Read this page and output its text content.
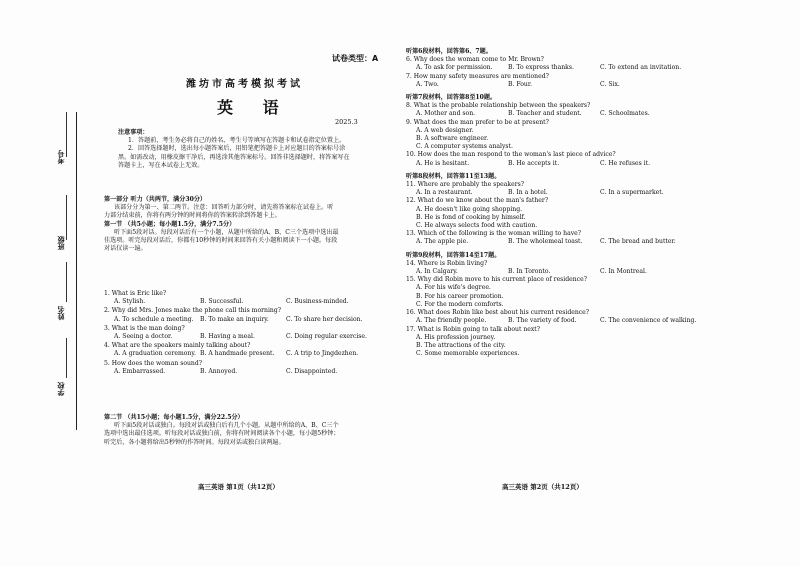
考号
班级
姓名
学校
试卷类型：A
潍坊市高考模拟考试
英 语
2025.3
注意事项：
1．答题前，考生务必将自己的姓名、考生号等填写在答题卡和试卷指定位置上。
2．回答选择题时，选出每小题答案后，用铅笔把答题卡上对应题目的答案标号涂
黑。如需改动，用橡皮擦干净后，再选涂其他答案标号。回答非选择题时，将答案写在
答题卡上，写在本试卷上无效。
第一部分 听力（共两节，满分30分）
该部分分为第一、第二两节。注意：回答听力部分时，请先将答案标在试卷上。听
力部分结束前，你将有两分钟的时间将你的答案转涂到答题卡上。
第一节 （共5小题；每小题1.5分，满分7.5分）
听下面5段对话。每段对话后有一个小题，从题中所给的A、B、C三个选项中选出最
佳选项。听完每段对话后，你都有10秒钟的时间来回答有关小题和阅读下一小题。每段
对话仅读一遍。
1. What is Eric like?
A. Stylish.	B. Successful.	C. Business-minded.
2. Why did Mrs. Jones make the phone call this morning?
A. To schedule a meeting.	B. To make an inquiry.	C. To share her decision.
3. What is the man doing?
A. Seeing a doctor.	B. Having a meal.	C. Doing regular exercise.
4. What are the speakers mainly talking about?
A. A graduation ceremony. B. A handmade present.	C. A trip to Jingdezhen.
5. How does the woman sound?
A. Embarrassed.	B. Annoyed.	C. Disappointed.
第二节 （共15小题；每小题1.5分，满分22.5分）
听下面5段对话或独白。每段对话或独白后有几个小题，从题中所给的A、B、C三个
选项中选出最佳选项。听每段对话或独白前，你将有时间阅读各个小题，每小题5秒钟；
听完后，各小题将给出5秒钟的作答时间。每段对话或独白读两遍。
高三英语 第1页（共12页）
听第6段材料，回答第6、7题。
6. Why does the woman come to Mr. Brown?
A. To ask for permission.	B. To express thanks.	C. To extend an invitation.
7. How many safety measures are mentioned?
A. Two.	B. Four.	C. Six.
听第7段材料，回答第8至10题。
8. What is the probable relationship between the speakers?
A. Mother and son.	B. Teacher and student.	C. Schoolmates.
9. What does the man prefer to be at present?
A. A web designer.
B. A software engineer.
C. A computer systems analyst.
10. How does the man respond to the woman's last piece of advice?
A. He is hesitant.	B. He accepts it.	C. He refuses it.
听第8段材料，回答第11至13题。
11. Where are probably the speakers?
A. In a restaurant.	B. In a hotel.	C. In a supermarket.
12. What do we know about the man's father?
A. He doesn't like going shopping.
B. He is fond of cooking by himself.
C. He always selects food with caution.
13. Which of the following is the woman willing to have?
A. The apple pie.	B. The wholemeal toast.	C. The bread and butter.
听第9段材料，回答第14至17题。
14. Where is Robin living?
A. In Calgary.	B. In Toronto.	C. In Montreal.
15. Why did Robin move to his current place of residence?
A. For his wife's degree.
B. For his career promotion.
C. For the modern comforts.
16. What does Robin like best about his current residence?
A. The friendly people.	B. The variety of food.	C. The convenience of walking.
17. What is Robin going to talk about next?
A. His profession journey.
B. The attractions of the city.
C. Some memorable experiences.
高三英语 第2页（共12页）
